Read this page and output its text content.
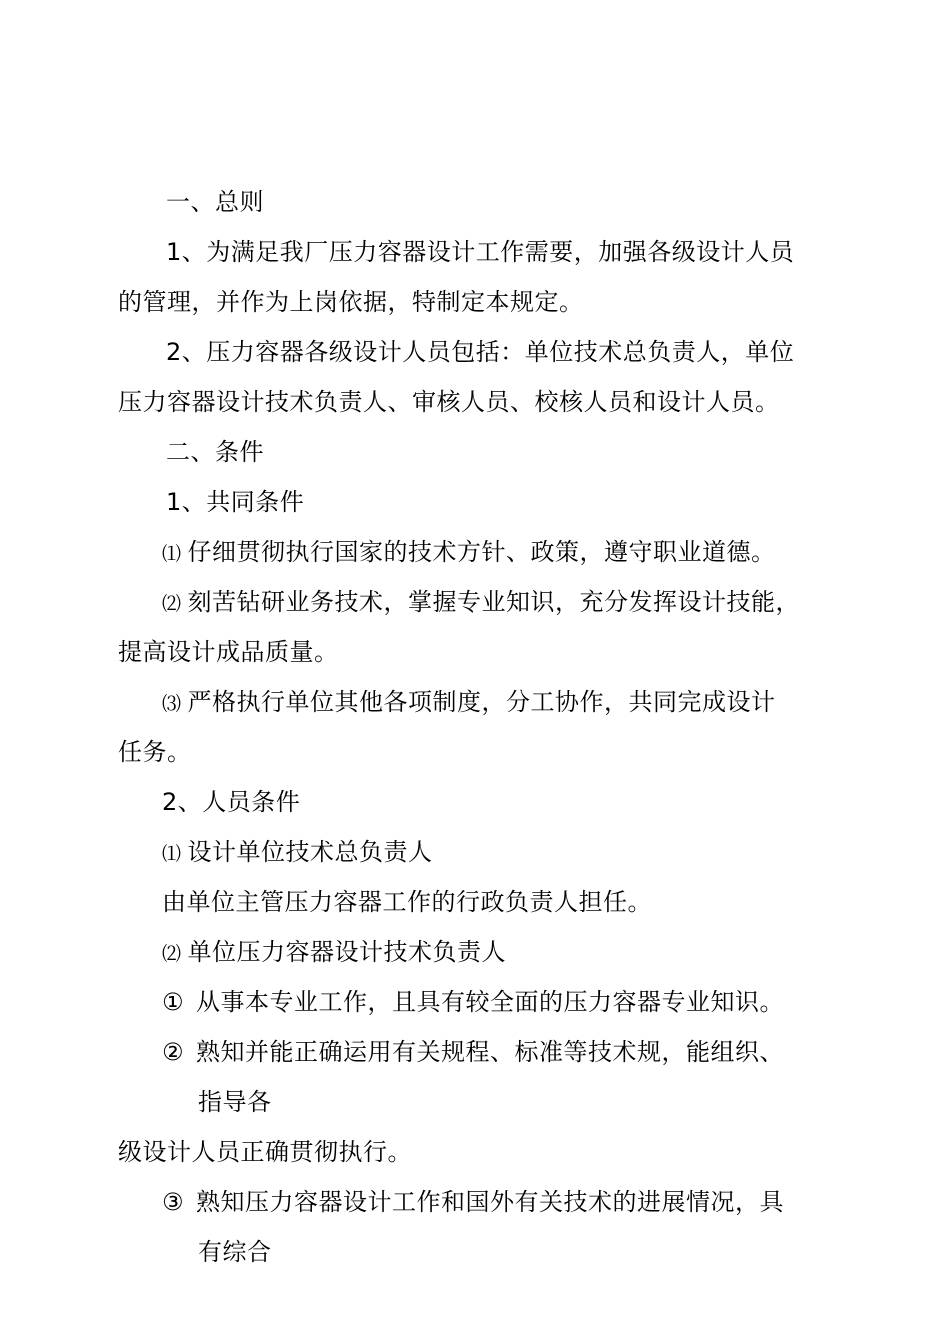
一、总则
1、为满足我厂压力容器设计工作需要，加强各级设计人员
的管理，并作为上岗依据，特制定本规定。
2、压力容器各级设计人员包括：单位技术总负责人，单位
压力容器设计技术负责人、审核人员、校核人员和设计人员。
二、条件
1、共同条件
⑴ 仔细贯彻执行国家的技术方针、政策，遵守职业道德。
⑵ 刻苦钻研业务技术，掌握专业知识，充分发挥设计技能，
提高设计成品质量。
⑶ 严格执行单位其他各项制度，分工协作，共同完成设计
任务。
2、人员条件
⑴ 设计单位技术总负责人
由单位主管压力容器工作的行政负责人担任。
⑵ 单位压力容器设计技术负责人
① 从事本专业工作，且具有较全面的压力容器专业知识。
② 熟知并能正确运用有关规程、标准等技术规，能组织、
指导各
级设计人员正确贯彻执行。
③ 熟知压力容器设计工作和国外有关技术的进展情况，具
有综合
